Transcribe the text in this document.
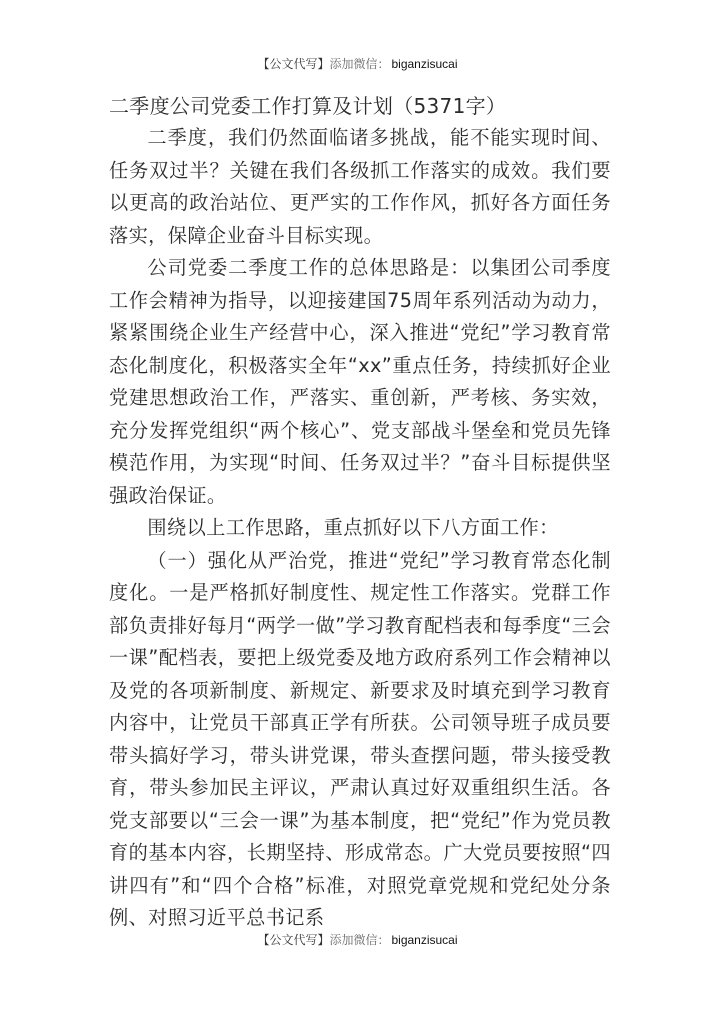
【公文代写】添加微信： biganzisucai
二季度公司党委工作打算及计划（5371字）

二季度，我们仍然面临诸多挑战，能不能实现时间、任务双过半？关键在我们各级抓工作落实的成效。我们要以更高的政治站位、更严实的工作作风，抓好各方面任务落实，保障企业奋斗目标实现。

公司党委二季度工作的总体思路是：以集团公司季度工作会精神为指导，以迎接建国75周年系列活动为动力，紧紧围绕企业生产经营中心，深入推进“党纪”学习教育常态化制度化，积极落实全年“xx”重点任务，持续抓好企业党建思想政治工作，严落实、重创新，严考核、务实效，充分发挥党组织“两个核心”、党支部战斗堡垒和党员先锋模范作用，为实现“时间、任务双过半？”奋斗目标提供坚强政治保证。

围绕以上工作思路，重点抓好以下八方面工作：

（一）强化从严治党，推进“党纪”学习教育常态化制度化。一是严格抓好制度性、规定性工作落实。党群工作部负责排好每月“两学一做”学习教育配档表和每季度“三会一课”配档表，要把上级党委及地方政府系列工作会精神以及党的各项新制度、新规定、新要求及时填充到学习教育内容中，让党员干部真正学有所获。公司领导班子成员要带头搞好学习，带头讲党课，带头查摆问题，带头接受教育，带头参加民主评议，严肃认真过好双重组织生活。各党支部要以“三会一课”为基本制度，把“党纪”作为党员教育的基本内容，长期坚持、形成常态。广大党员要按照“四讲四有”和“四个合格”标准，对照党章党规和党纪处分条例、对照习近平总书记系

【公文代写】添加微信： biganzisucai
